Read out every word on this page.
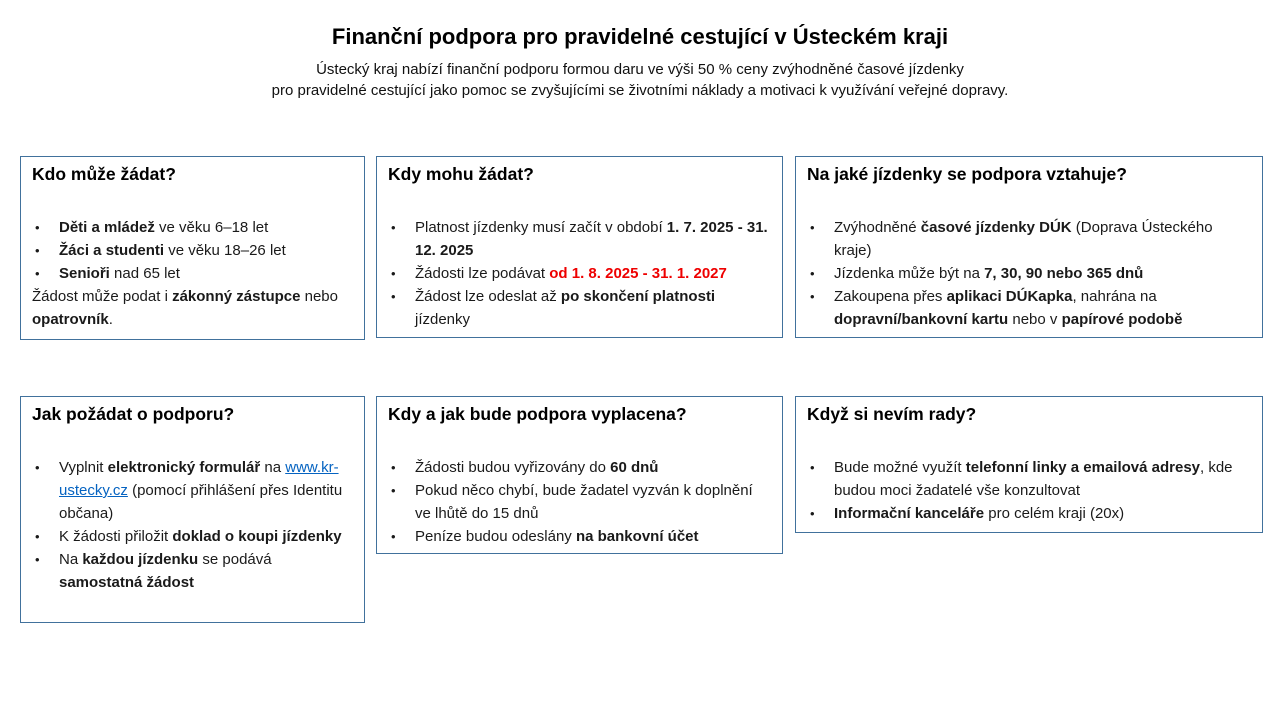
Finanční podpora pro pravidelné cestující v Ústeckém kraji
Ústecký kraj nabízí finanční podporu formou daru ve výši 50 % ceny zvýhodněné časové jízdenky
pro pravidelné cestující jako pomoc se zvyšujícími se životními náklady a motivaci k využívání veřejné dopravy.
Kdo může žádat?
•	Děti a mládež ve věku 6–18 let
•	Žáci a studenti ve věku 18–26 let
•	Senioři nad 65 let
Žádost může podat i zákonný zástupce nebo opatrovník.
Kdy mohu žádat?
•	Platnost jízdenky musí začít v období 1. 7. 2025 - 31. 12. 2025
•	Žádosti lze podávat od 1. 8. 2025 - 31. 1. 2027
•	Žádost lze odeslat až po skončení platnosti jízdenky
Na jaké jízdenky se podpora vztahuje?
•	Zvýhodněné časové jízdenky DÚK (Doprava Ústeckého kraje)
•	Jízdenka může být na 7, 30, 90 nebo 365 dnů
•	Zakoupena přes aplikaci DÚKapka, nahrána na dopravní/bankovní kartu nebo v papírové podobě
Jak požádat o podporu?
•	Vyplnit elektronický formulář na www.kr-ustecky.cz (pomocí přihlášení přes Identitu občana)
•	K žádosti přiložit doklad o koupi jízdenky
•	Na každou jízdenku se podává samostatná žádost
Kdy a jak bude podpora vyplacena?
•	Žádosti budou vyřizovány do 60 dnů
•	Pokud něco chybí, bude žadatel vyzván k doplnění ve lhůtě do 15 dnů
•	Peníze budou odeslány na bankovní účet
Když si nevím rady?
•	Bude možné využít telefonní linky a emailová adresy, kde budou moci žadatelé vše konzultovat
•	Informační kanceláře pro celém kraji (20x)
